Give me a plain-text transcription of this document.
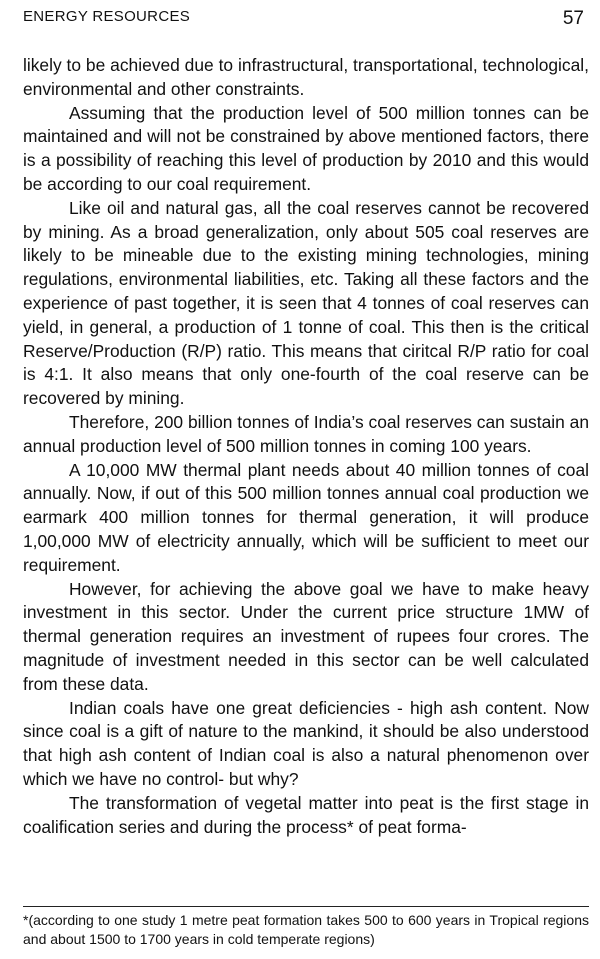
ENERGY RESOURCES	57

likely to be achieved due to infrastructural, transportational, technological, environmental and other constraints.

Assuming that the production level of 500 million tonnes can be maintained and will not be constrained by above mentioned factors, there is a possibility of reaching this level of production by 2010 and this would be according to our coal requirement.

Like oil and natural gas, all the coal reserves cannot be recovered by mining. As a broad generalization, only about 505 coal reserves are likely to be mineable due to the existing mining technologies, mining regulations, environmental liabilities, etc. Taking all these factors and the experience of past together, it is seen that 4 tonnes of coal reserves can yield, in general, a production of 1 tonne of coal. This then is the critical Reserve/Production (R/P) ratio. This means that ciritcal R/P ratio for coal is 4:1. It also means that only one-fourth of the coal reserve can be recovered by mining.

Therefore, 200 billion tonnes of India’s coal reserves can sustain an annual production level of 500 million tonnes in coming 100 years.

A 10,000 MW thermal plant needs about 40 million tonnes of coal annually. Now, if out of this 500 million tonnes annual coal production we earmark 400 million tonnes for thermal generation, it will produce 1,00,000 MW of electricity annually, which will be sufficient to meet our requirement.

However, for achieving the above goal we have to make heavy investment in this sector. Under the current price structure 1MW of thermal generation requires an investment of rupees four crores. The magnitude of investment needed in this sector can be well calculated from these data.

Indian coals have one great deficiencies - high ash content. Now since coal is a gift of nature to the mankind, it should be also understood that high ash content of Indian coal is also a natural phenomenon over which we have no control- but why?

The transformation of vegetal matter into peat is the first stage in coalification series and during the process* of peat forma-

*(according to one study 1 metre peat formation takes 500 to 600 years in Tropical regions and about 1500 to 1700 years in cold temperate regions)
